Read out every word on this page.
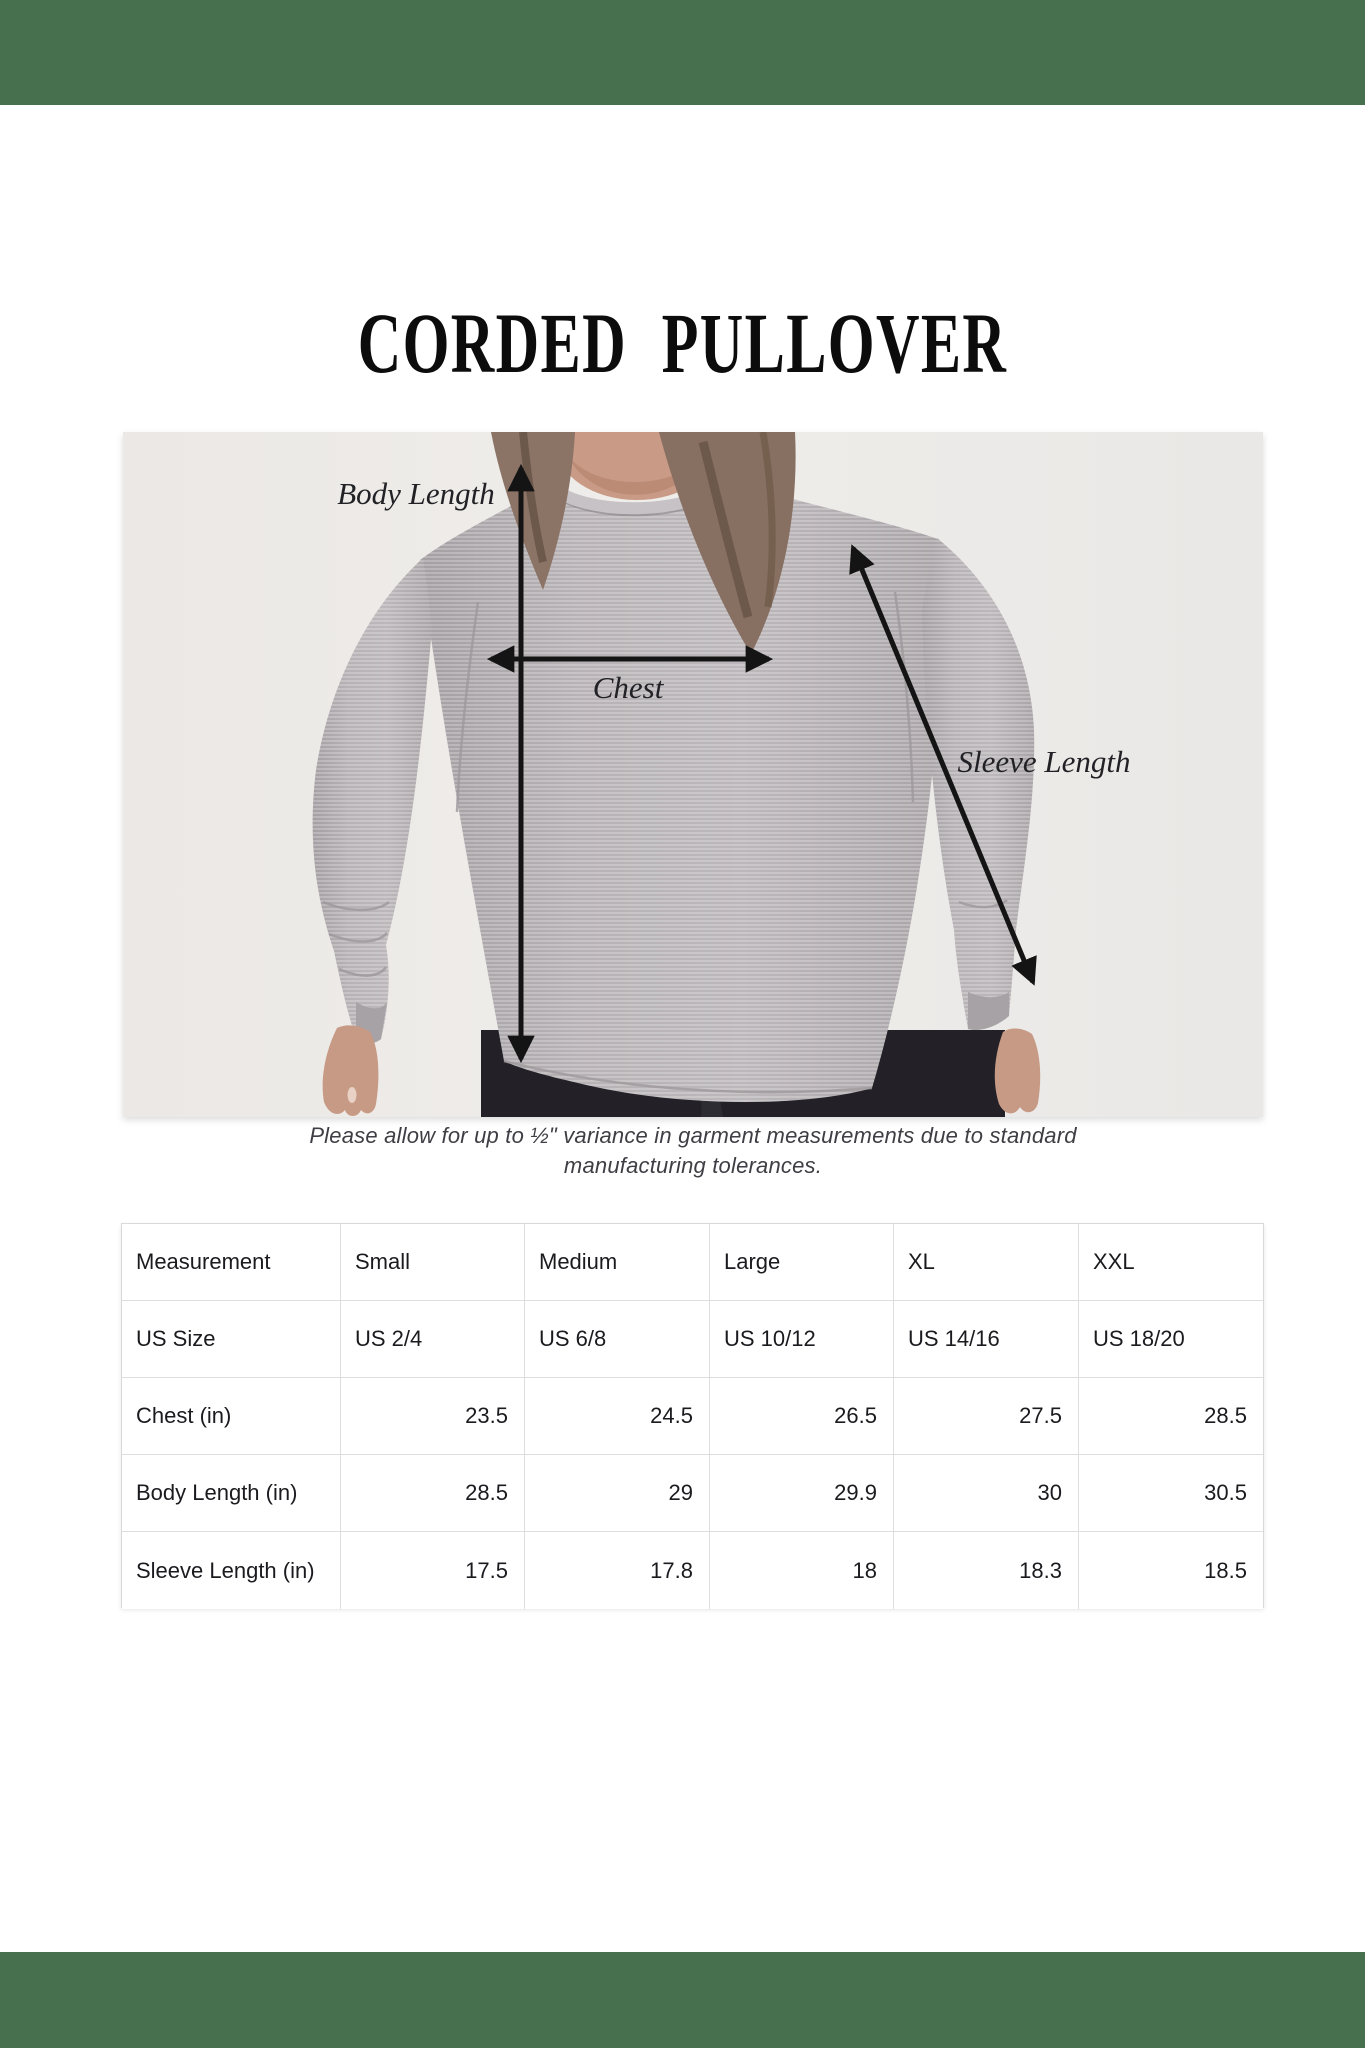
CORDED PULLOVER
Body Length
Chest
Sleeve Length
Please allow for up to ½" variance in garment measurements due to standard
manufacturing tolerances.
Measurement	Small	Medium	Large	XL	XXL
US Size	US 2/4	US 6/8	US 10/12	US 14/16	US 18/20
Chest (in)	23.5	24.5	26.5	27.5	28.5
Body Length (in)	28.5	29	29.9	30	30.5
Sleeve Length (in)	17.5	17.8	18	18.3	18.5
